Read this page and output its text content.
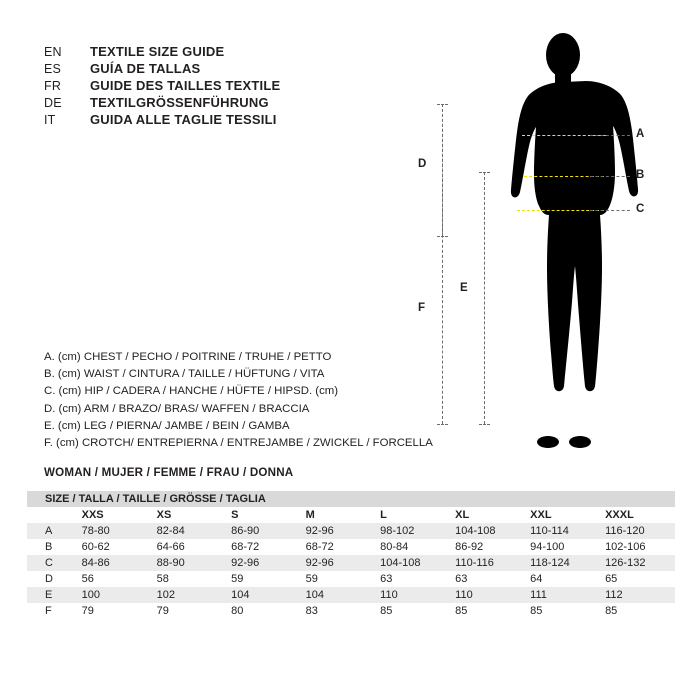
EN	TEXTILE SIZE GUIDE
ES	GUÍA DE TALLAS
FR	GUIDE DES TAILLES TEXTILE
DE	TEXTILGRÖSSENFÜHRUNG
IT	GUIDA ALLE TAGLIE TESSILI
A
B
C
D
F
E
A. (cm) CHEST / PECHO / POITRINE / TRUHE / PETTO
B. (cm) WAIST / CINTURA / TAILLE / HÜFTUNG / VITA
C. (cm) HIP / CADERA / HANCHE / HÜFTE / HIPSD. (cm)
D. (cm) ARM / BRAZO/ BRAS/ WAFFEN / BRACCIA
E. (cm) LEG / PIERNA/ JAMBE / BEIN / GAMBA
F. (cm) CROTCH/ ENTREPIERNA / ENTREJAMBE / ZWICKEL / FORCELLA
WOMAN / MUJER / FEMME / FRAU / DONNA
SIZE / TALLA / TAILLE / GRÖSSE / TAGLIA								
	XXS	XS	S	M	L	XL	XXL	XXXL
A	78-80	82-84	86-90	92-96	98-102	104-108	110-114	116-120
B	60-62	64-66	68-72	68-72	80-84	86-92	94-100	102-106
C	84-86	88-90	92-96	92-96	104-108	110-116	118-124	126-132
D	56	58	59	59	63	63	64	65
E	100	102	104	104	110	110	111	112
F	79	79	80	83	85	85	85	85
